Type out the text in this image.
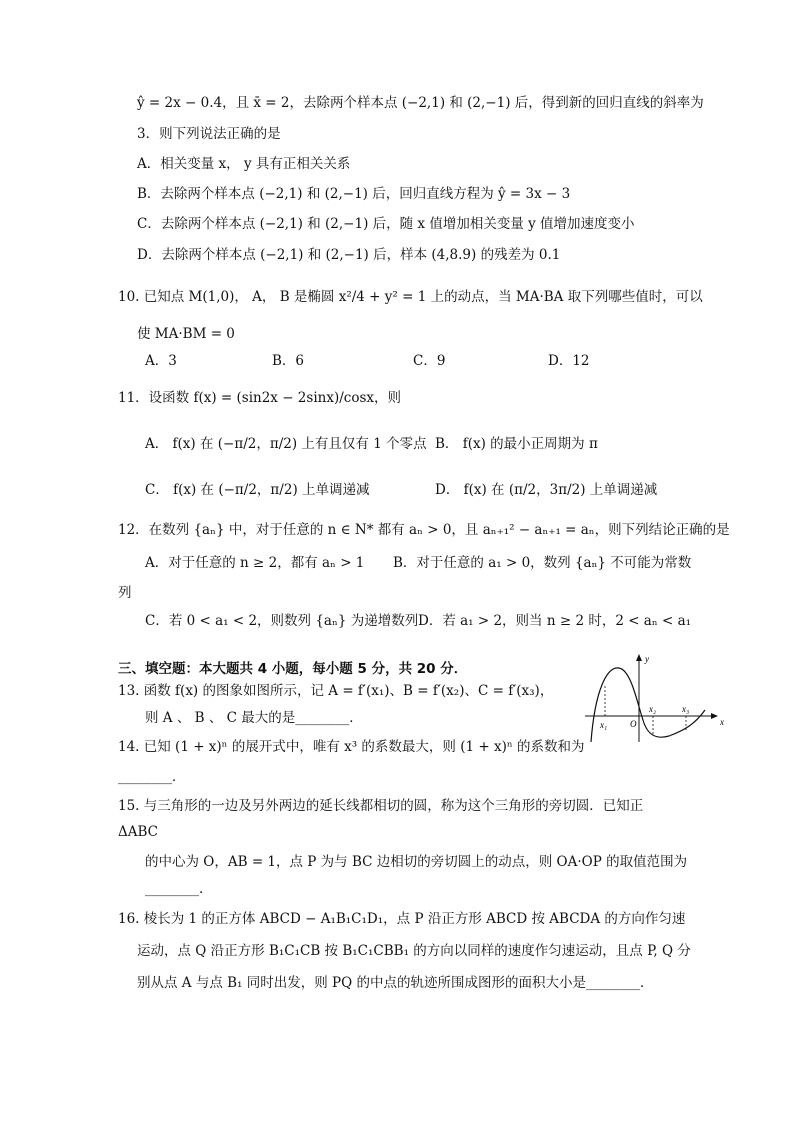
ŷ = 2x − 0.4，且 x̄ = 2，去除两个样本点 (−2,1) 和 (2,−1) 后，得到新的回归直线的斜率为
3．则下列说法正确的是
A．相关变量 x， y 具有正相关关系
B．去除两个样本点 (−2,1) 和 (2,−1) 后，回归直线方程为 ŷ = 3x − 3
C．去除两个样本点 (−2,1) 和 (2,−1) 后，随 x 值增加相关变量 y 值增加速度变小
D．去除两个样本点 (−2,1) 和 (2,−1) 后，样本 (4,8.9) 的残差为 0.1
10. 已知点 M(1,0)， A， B 是椭圆 x²/4 + y² = 1 上的动点，当 MA·BA 取下列哪些值时，可以
使 MA·BM = 0
A．3	B．6	C．9	D．12
11．设函数 f(x) = (sin2x − 2sinx)/cosx，则
A． f(x) 在 (−π/2，π/2) 上有且仅有 1 个零点 B． f(x) 的最小正周期为 π
C． f(x) 在 (−π/2，π/2) 上单调递减	D． f(x) 在 (π/2，3π/2) 上单调递减
12．在数列 {aₙ} 中，对于任意的 n ∈ N* 都有 aₙ > 0，且 aₙ₊₁² − aₙ₊₁ = aₙ，则下列结论正确的是
A．对于任意的 n ≥ 2，都有 aₙ > 1 B．对于任意的 a₁ > 0，数列 {aₙ} 不可能为常数
列
C．若 0 < a₁ < 2，则数列 {aₙ} 为递增数列 D．若 a₁ > 2，则当 n ≥ 2 时，2 < aₙ < a₁
三、填空题：本大题共 4 小题，每小题 5 分，共 20 分．
13. 函数 f(x) 的图象如图所示，记 A = f′(x₁)、B = f′(x₂)、C = f′(x₃)，
则 A 、 B 、 C 最大的是________．
14. 已知 (1 + x)ⁿ 的展开式中，唯有 x³ 的系数最大，则 (1 + x)ⁿ 的系数和为
________．
15. 与三角形的一边及另外两边的延长线都相切的圆，称为这个三角形的旁切圆．已知正
ΔABC
的中心为 O，AB = 1，点 P 为与 BC 边相切的旁切圆上的动点，则 OA·OP 的取值范围为
________．
16. 棱长为 1 的正方体 ABCD − A₁B₁C₁D₁，点 P 沿正方形 ABCD 按 ABCDA 的方向作匀速
运动，点 Q 沿正方形 B₁C₁CB 按 B₁C₁CBB₁ 的方向以同样的速度作匀速运动，且点 P, Q 分
别从点 A 与点 B₁ 同时出发，则 PQ 的中点的轨迹所围成图形的面积大小是________．
x
y
O
x₁
x₂	x₃
